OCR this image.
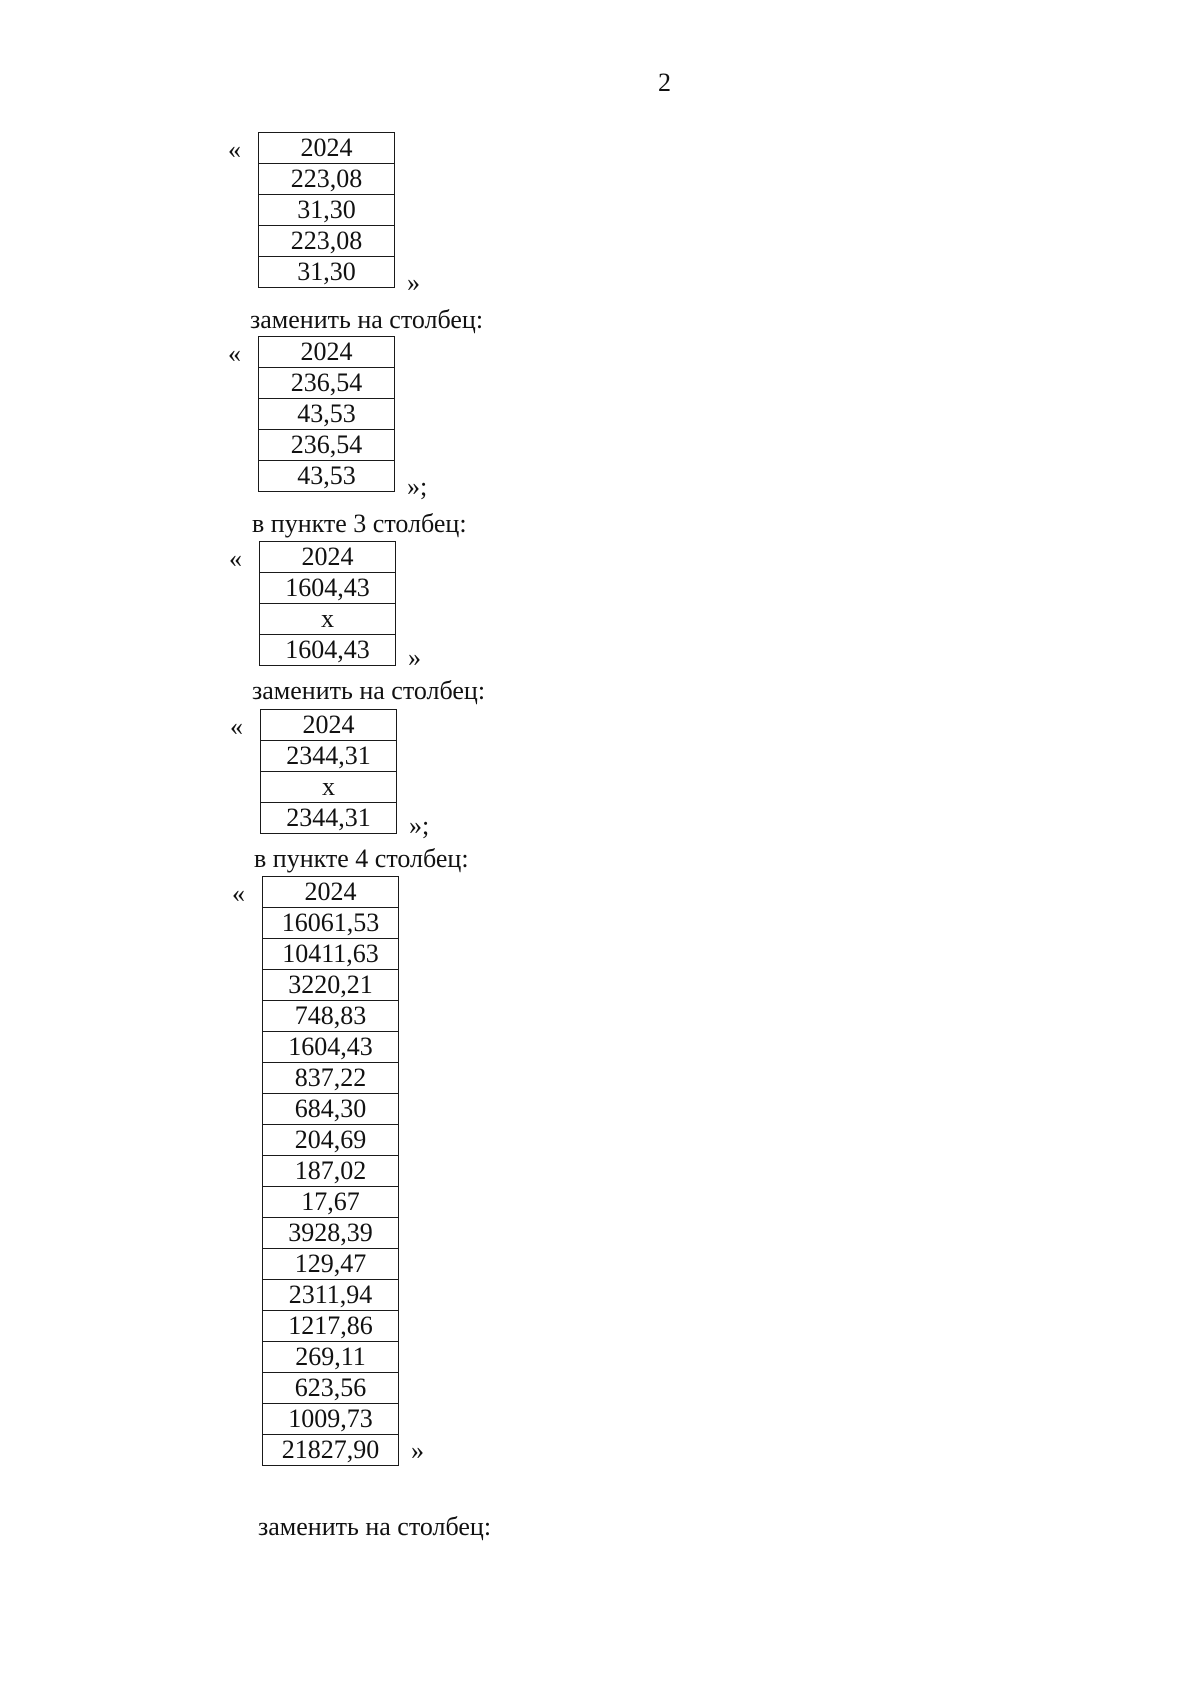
2
« 2024
223,08
31,30
223,08
31,30 »
заменить на столбец:
« 2024
236,54
43,53
236,54
43,53 »;
в пункте 3 столбец:
« 2024
1604,43
x
1604,43 »
заменить на столбец:
« 2024
2344,31
x
2344,31 »;
в пункте 4 столбец:
« 2024
16061,53
10411,63
3220,21
748,83
1604,43
837,22
684,30
204,69
187,02
17,67
3928,39
129,47
2311,94
1217,86
269,11
623,56
1009,73
21827,90 »
заменить на столбец:
